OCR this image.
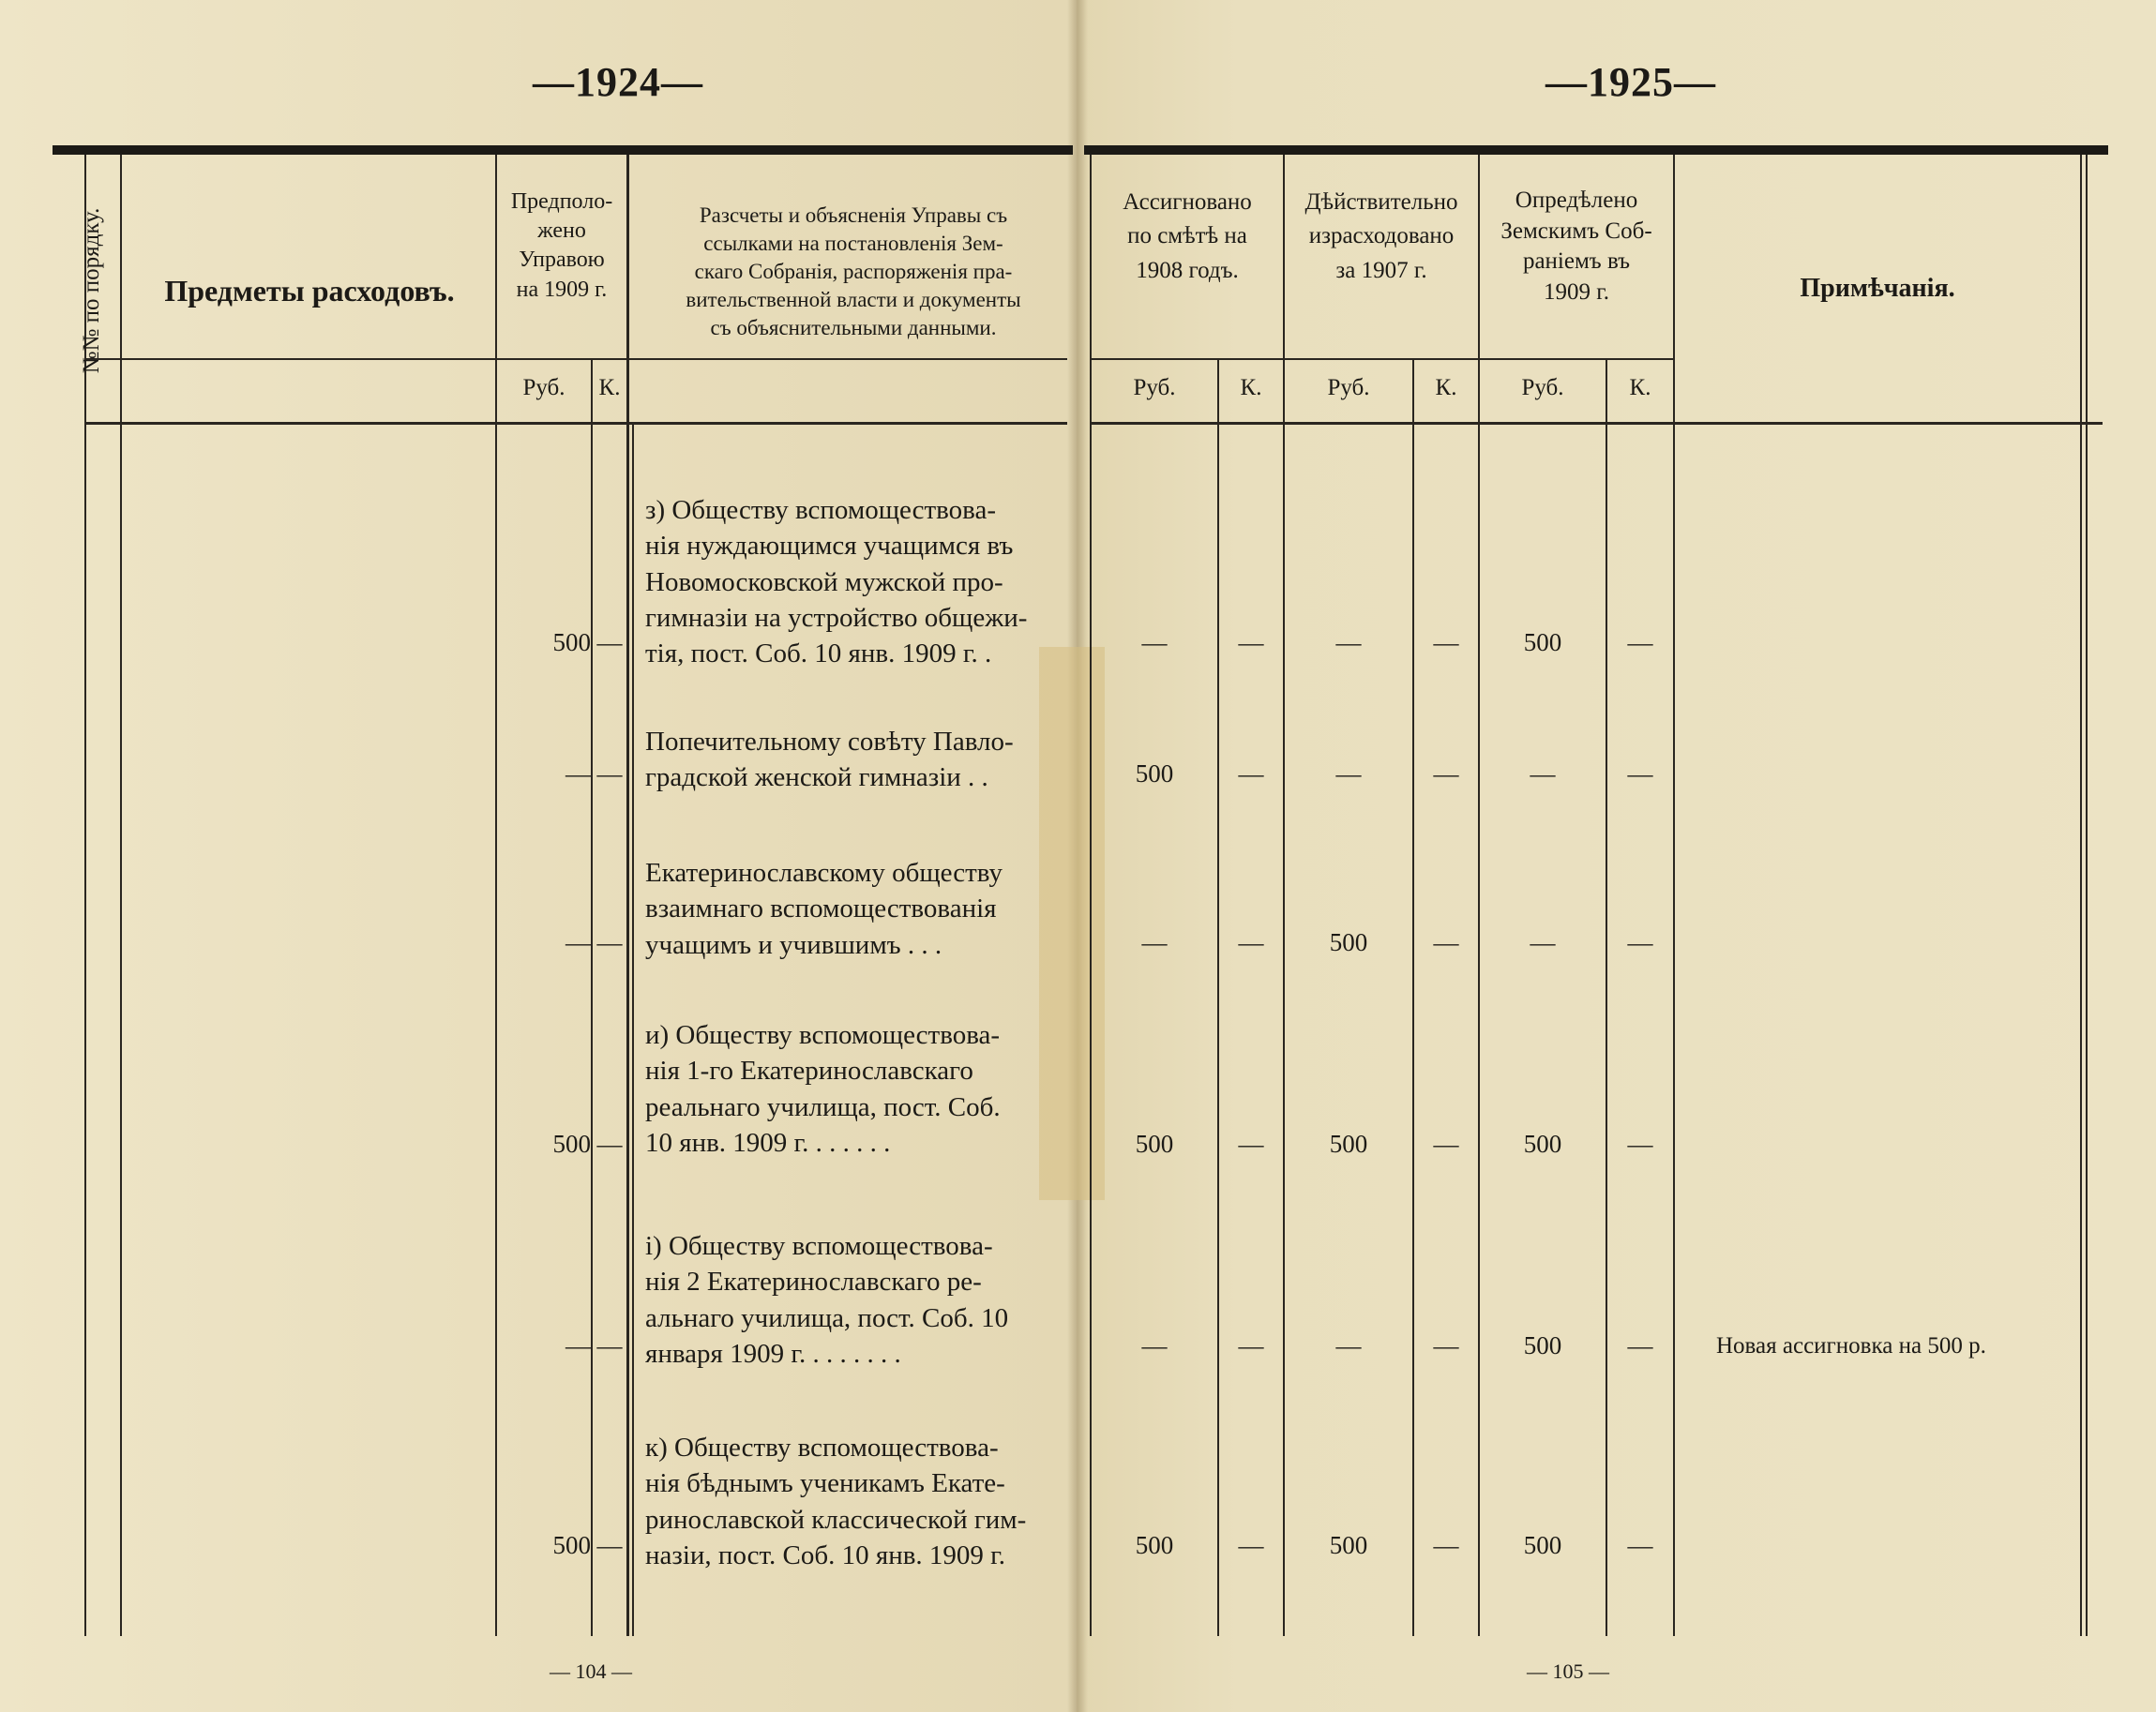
—1924—	—1925—
№№ по порядку.	Предметы расходовъ.
Предполо-
жено
Управою
на 1909 г.
Разсчеты и объясненія Управы съ
ссылками на постановленія Зем-
скаго Собранія, распоряженія пра-
вительственной власти и документы
съ объяснительными данными.
Руб.	К.
Ассигновано
по смѣтѣ на
1908 годъ.
Дѣйствительно
израсходовано
за 1907 г.
Опредѣлено
Земскимъ Соб-
раніемъ въ
1909 г.	Примѣчанія.
Руб.	К.	Руб.	К.	Руб.	К.
з) Обществу вспомоществова-
нія нуждающимся учащимся въ
Новомосковской мужской про-
гимназіи на устройство общежи-
тія, пост. Соб. 10 янв. 1909 г. .
500 —	—	—	—	—	500	—
Попечительному совѣту Павло-
градской женской гимназіи . .
— —	500	—	—	—	—	—
Екатеринославскому обществу
взаимнаго вспомоществованія
учащимъ и учившимъ . . .
— —	—	—	500	—	—	—
и) Обществу вспомоществова-
нія 1-го Екатеринославскаго
реальнаго училища, пост. Соб.
10 янв. 1909 г. . . . . . .
500 —	500	—	500	—	500	—
і) Обществу вспомоществова-
нія 2 Екатеринославскаго ре-
альнаго училища, пост. Соб. 10
января 1909 г. . . . . . . .
— —	—	—	—	—	500	—	Новая ассигновка на 500 р.
к) Обществу вспомоществова-
нія бѣднымъ ученикамъ Екате-
ринославской классической гим-
назіи, пост. Соб. 10 янв. 1909 г.
500 —	500	—	500	—	500	—
— 104 —	— 105 —
